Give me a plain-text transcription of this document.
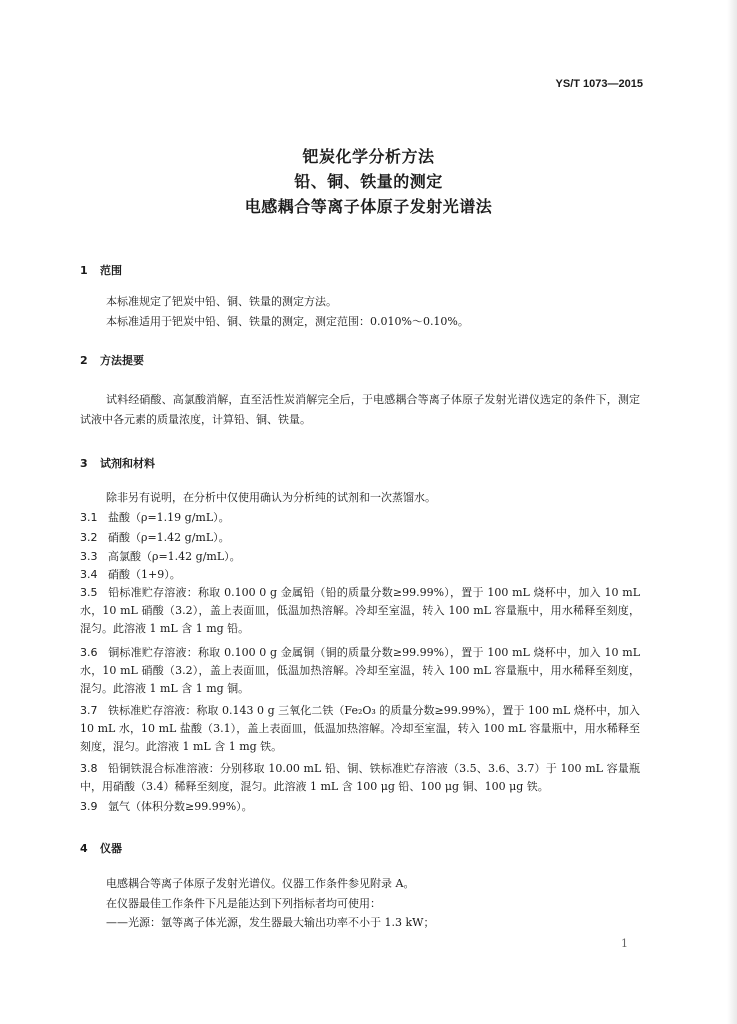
YS/T 1073—2015
钯炭化学分析方法
铅、铜、铁量的测定
电感耦合等离子体原子发射光谱法
1 范围
本标准规定了钯炭中铅、铜、铁量的测定方法。
本标准适用于钯炭中铅、铜、铁量的测定，测定范围：0.010%～0.10%。
2 方法提要
试料经硝酸、高氯酸消解，直至活性炭消解完全后，于电感耦合等离子体原子发射光谱仪选定的条件下，测定试液中各元素的质量浓度，计算铅、铜、铁量。
3 试剂和材料
除非另有说明，在分析中仅使用确认为分析纯的试剂和一次蒸馏水。
3.1 盐酸（ρ=1.19 g/mL）。
3.2 硝酸（ρ=1.42 g/mL）。
3.3 高氯酸（ρ=1.42 g/mL）。
3.4 硝酸（1+9）。
3.5 铅标准贮存溶液：称取 0.100 0 g 金属铅（铅的质量分数≥99.99%），置于 100 mL 烧杯中，加入 10 mL 水，10 mL 硝酸（3.2），盖上表面皿，低温加热溶解。冷却至室温，转入 100 mL 容量瓶中，用水稀释至刻度，混匀。此溶液 1 mL 含 1 mg 铅。
3.6 铜标准贮存溶液：称取 0.100 0 g 金属铜（铜的质量分数≥99.99%），置于 100 mL 烧杯中，加入 10 mL 水，10 mL 硝酸（3.2），盖上表面皿，低温加热溶解。冷却至室温，转入 100 mL 容量瓶中，用水稀释至刻度，混匀。此溶液 1 mL 含 1 mg 铜。
3.7 铁标准贮存溶液：称取 0.143 0 g 三氧化二铁（Fe₂O₃ 的质量分数≥99.99%），置于 100 mL 烧杯中，加入 10 mL 水，10 mL 盐酸（3.1），盖上表面皿，低温加热溶解。冷却至室温，转入 100 mL 容量瓶中，用水稀释至刻度，混匀。此溶液 1 mL 含 1 mg 铁。
3.8 铅铜铁混合标准溶液：分别移取 10.00 mL 铅、铜、铁标准贮存溶液（3.5、3.6、3.7）于 100 mL 容量瓶中，用硝酸（3.4）稀释至刻度，混匀。此溶液 1 mL 含 100 μg 铅、100 μg 铜、100 μg 铁。
3.9 氩气（体积分数≥99.99%）。
4 仪器
电感耦合等离子体原子发射光谱仪。仪器工作条件参见附录 A。
在仪器最佳工作条件下凡是能达到下列指标者均可使用：
——光源：氩等离子体光源，发生器最大输出功率不小于 1.3 kW；
1
